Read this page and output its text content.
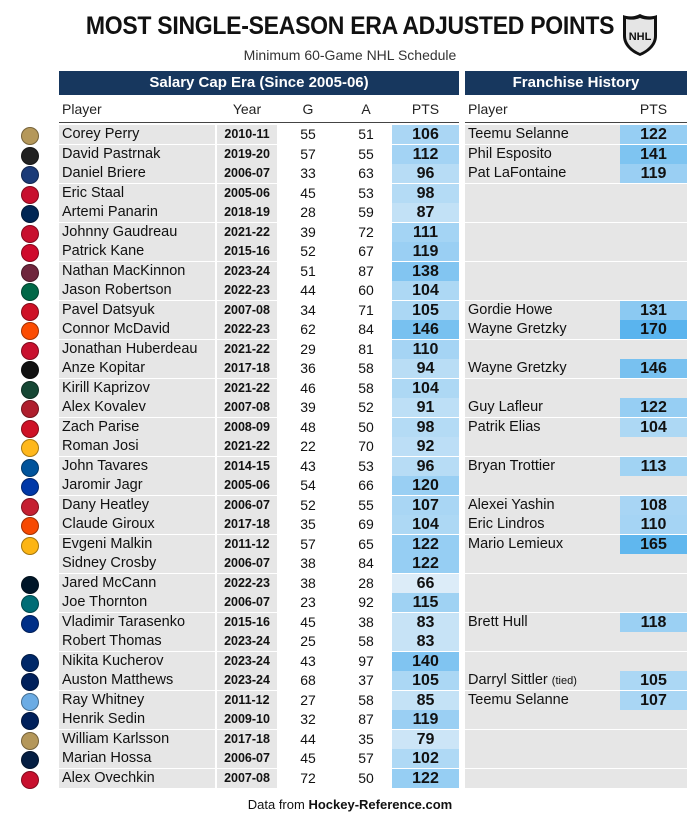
MOST SINGLE-SEASON ERA ADJUSTED POINTS
Minimum 60-Game NHL Schedule
NHL
Salary Cap Era (Since 2005-06)	Franchise History
Player	Year	G	A	PTS	Player	PTS
Corey Perry	2010-11	55	51	106	Teemu Selanne	122
David Pastrnak	2019-20	57	55	112	Phil Esposito	141
Daniel Briere	2006-07	33	63	96	Pat LaFontaine	119
Eric Staal	2005-06	45	53	98
Artemi Panarin	2018-19	28	59	87
Johnny Gaudreau	2021-22	39	72	111
Patrick Kane	2015-16	52	67	119
Nathan MacKinnon	2023-24	51	87	138
Jason Robertson	2022-23	44	60	104
Pavel Datsyuk	2007-08	34	71	105	Gordie Howe	131
Connor McDavid	2022-23	62	84	146	Wayne Gretzky	170
Jonathan Huberdeau	2021-22	29	81	110
Anze Kopitar	2017-18	36	58	94	Wayne Gretzky	146
Kirill Kaprizov	2021-22	46	58	104
Alex Kovalev	2007-08	39	52	91	Guy Lafleur	122
Zach Parise	2008-09	48	50	98	Patrik Elias	104
Roman Josi	2021-22	22	70	92
John Tavares	2014-15	43	53	96	Bryan Trottier	113
Jaromir Jagr	2005-06	54	66	120
Dany Heatley	2006-07	52	55	107	Alexei Yashin	108
Claude Giroux	2017-18	35	69	104	Eric Lindros	110
Evgeni Malkin	2011-12	57	65	122	Mario Lemieux	165
Sidney Crosby	2006-07	38	84	122
Jared McCann	2022-23	38	28	66
Joe Thornton	2006-07	23	92	115
Vladimir Tarasenko	2015-16	45	38	83	Brett Hull	118
Robert Thomas	2023-24	25	58	83
Nikita Kucherov	2023-24	43	97	140
Auston Matthews	2023-24	68	37	105	Darryl Sittler (tied)	105
Ray Whitney	2011-12	27	58	85	Teemu Selanne	107
Henrik Sedin	2009-10	32	87	119
William Karlsson	2017-18	44	35	79
Marian Hossa	2006-07	45	57	102
Alex Ovechkin	2007-08	72	50	122
Data from Hockey-Reference.com
